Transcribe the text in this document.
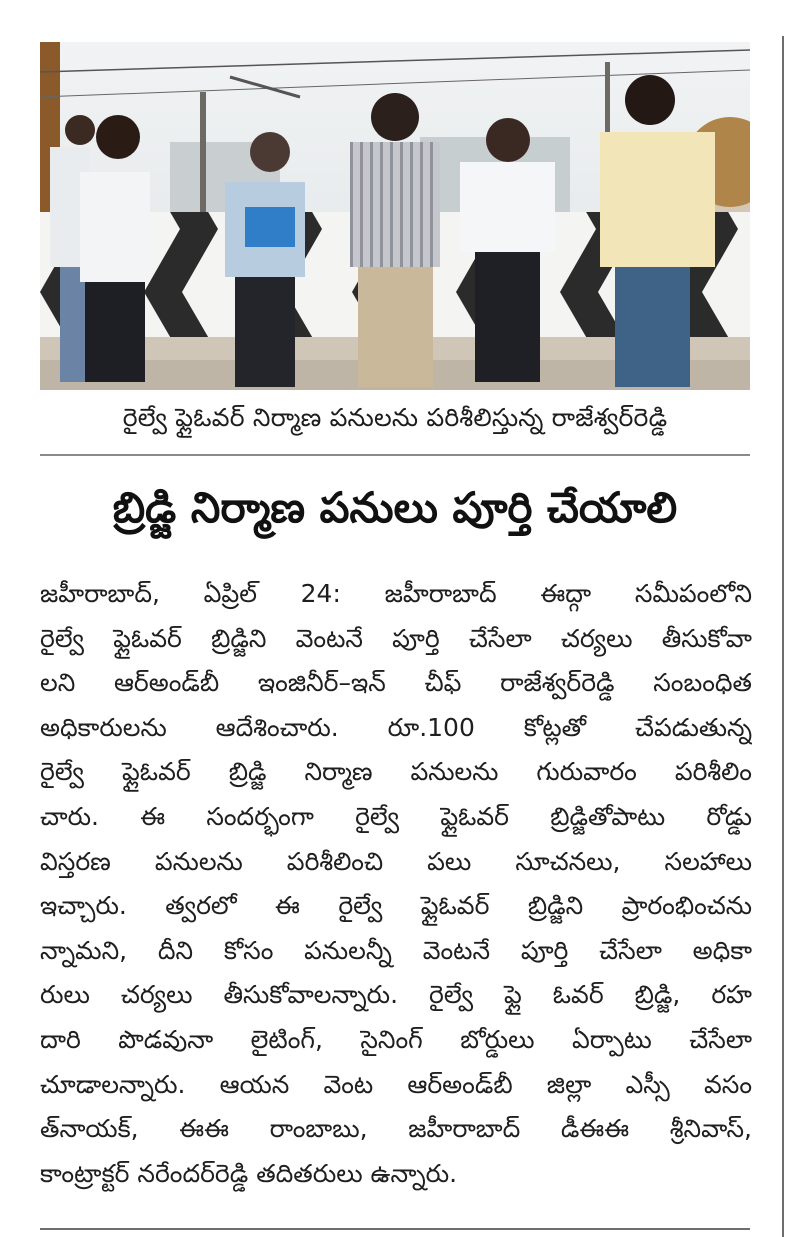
రైల్వే ఫ్లైఓవర్ నిర్మాణ పనులను పరిశీలిస్తున్న రాజేశ్వర్‌రెడ్డి
బ్రిడ్జి నిర్మాణ పనులు పూర్తి చేయాలి
జహీరాబాద్, ఏప్రిల్ 24: జహీరాబాద్ ఈద్గా సమీపంలోని
రైల్వే ఫ్లైఓవర్ బ్రిడ్జిని వెంటనే పూర్తి చేసేలా చర్యలు తీసుకోవా
లని ఆర్అండ్‌బీ ఇంజినీర్–ఇన్ చీఫ్ రాజేశ్వర్‌రెడ్డి సంబంధిత
అధికారులను ఆదేశించారు. రూ.100 కోట్లతో చేపడుతున్న
రైల్వే ఫ్లైఓవర్ బ్రిడ్జి నిర్మాణ పనులను గురువారం పరిశీలిం
చారు. ఈ సందర్భంగా రైల్వే ఫ్లైఓవర్ బ్రిడ్జితోపాటు రోడ్డు
విస్తరణ పనులను పరిశీలించి పలు సూచనలు, సలహాలు
ఇచ్చారు. త్వరలో ఈ రైల్వే ఫ్లైఓవర్ బ్రిడ్జిని ప్రారంభించను
న్నామని, దీని కోసం పనులన్నీ వెంటనే పూర్తి చేసేలా అధికా
రులు చర్యలు తీసుకోవాలన్నారు. రైల్వే ఫ్లై ఓవర్ బ్రిడ్జి, రహ
దారి పొడవునా లైటింగ్, సైనింగ్ బోర్డులు ఏర్పాటు చేసేలా
చూడాలన్నారు. ఆయన వెంట ఆర్అండ్‌బీ జిల్లా ఎస్సీ వసం
త్‌నాయక్, ఈఈ రాంబాబు, జహీరాబాద్ డీఈఈ శ్రీనివాస్,
కాంట్రాక్టర్ నరేందర్‌రెడ్డి తదితరులు ఉన్నారు.
